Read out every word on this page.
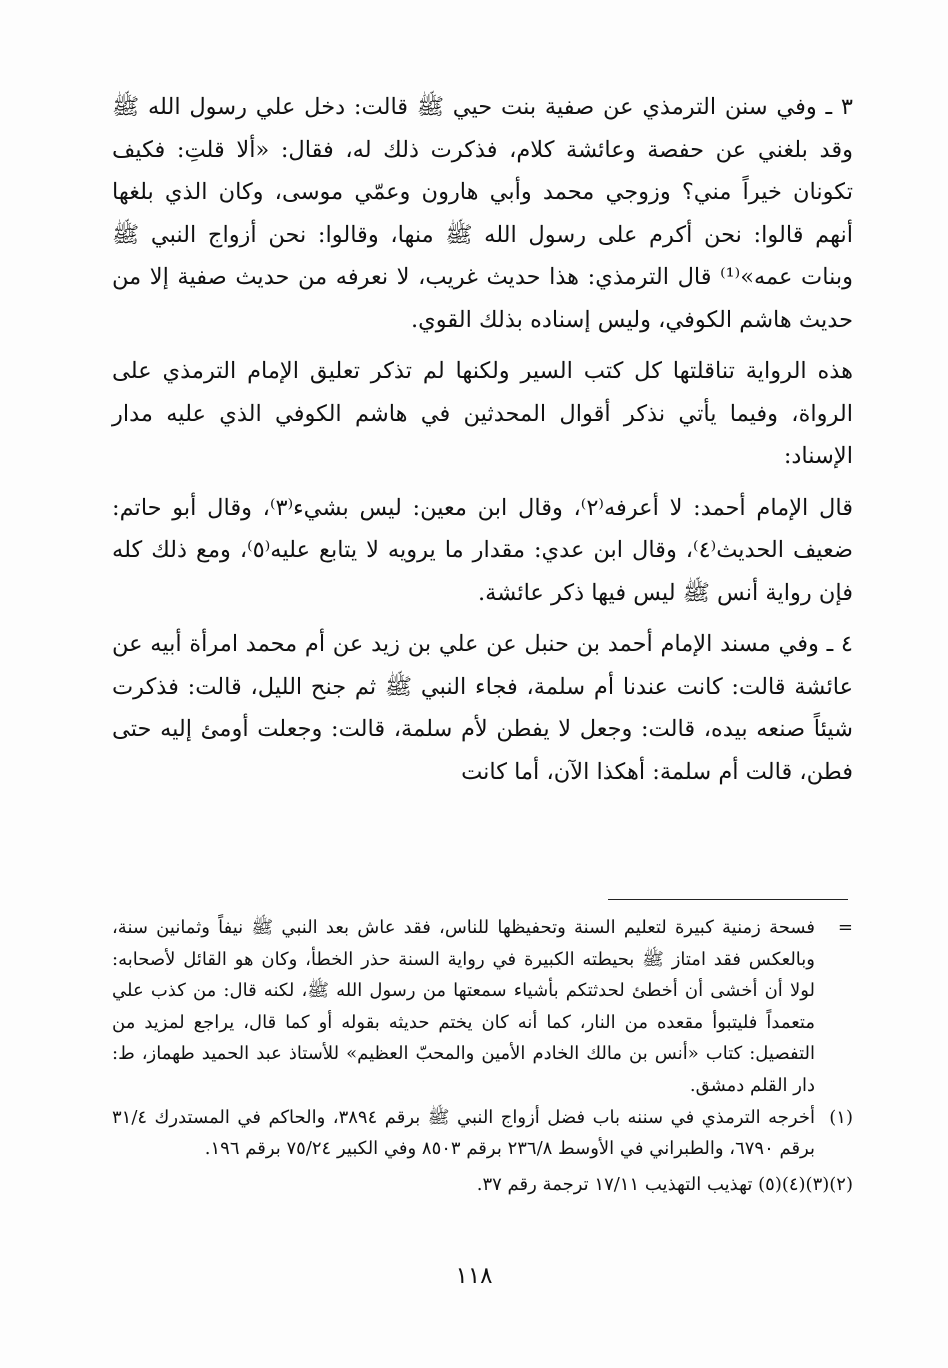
٣ ـ وفي سنن الترمذي عن صفية بنت حيي ﷺ قالت: دخل علي رسول الله ﷺ وقد بلغني عن حفصة وعائشة كلام، فذكرت ذلك له، فقال: «ألا قلتِ: فكيف تكونان خيراً مني؟ وزوجي محمد وأبي هارون وعمّي موسى، وكان الذي بلغها أنهم قالوا: نحن أكرم على رسول الله ﷺ منها، وقالوا: نحن أزواج النبي ﷺ وبنات عمه»⁽¹⁾ قال الترمذي: هذا حديث غريب، لا نعرفه من حديث صفية إلا من حديث هاشم الكوفي، وليس إسناده بذلك القوي.

هذه الرواية تناقلتها كل كتب السير ولكنها لم تذكر تعليق الإمام الترمذي على الرواة، وفيما يأتي نذكر أقوال المحدثين في هاشم الكوفي الذي عليه مدار الإسناد:

قال الإمام أحمد: لا أعرفه⁽٢⁾، وقال ابن معين: ليس بشيء⁽٣⁾، وقال أبو حاتم: ضعيف الحديث⁽٤⁾، وقال ابن عدي: مقدار ما يرويه لا يتابع عليه⁽٥⁾، ومع ذلك كله فإن رواية أنس ﷺ ليس فيها ذكر عائشة.

٤ ـ وفي مسند الإمام أحمد بن حنبل عن علي بن زيد عن أم محمد امرأة أبيه عن عائشة قالت: كانت عندنا أم سلمة، فجاء النبي ﷺ ثم جنح الليل، قالت: فذكرت شيئاً صنعه بيده، قالت: وجعل لا يفطن لأم سلمة، قالت: وجعلت أومئ إليه حتى فطن، قالت أم سلمة: أهكذا الآن، أما كانت

=
فسحة زمنية كبيرة لتعليم السنة وتحفيظها للناس، فقد عاش بعد النبي ﷺ نيفاً وثمانين سنة، وبالعكس فقد امتاز ﷺ بحيطته الكبيرة في رواية السنة حذر الخطأ، وكان هو القائل لأصحابه: لولا أن أخشى أن أخطئ لحدثتكم بأشياء سمعتها من رسول الله ﷺ، لكنه قال: من كذب علي متعمداً فليتبوأ مقعده من النار، كما أنه كان يختم حديثه بقوله أو كما قال، يراجع لمزيد من التفصيل: كتاب «أنس بن مالك الخادم الأمين والمحبّ العظيم» للأستاذ عبد الحميد طهماز، ط: دار القلم دمشق.
(١)
أخرجه الترمذي في سننه باب فضل أزواج النبي ﷺ برقم ٣٨٩٤، والحاكم في المستدرك ٣١/٤ برقم ٦٧٩٠، والطبراني في الأوسط ٢٣٦/٨ برقم ٨٥٠٣ وفي الكبير ٧٥/٢٤ برقم ١٩٦.
(٢)(٣)(٤)(٥) تهذيب التهذيب ١٧/١١ ترجمة رقم ٣٧.
١١٨
